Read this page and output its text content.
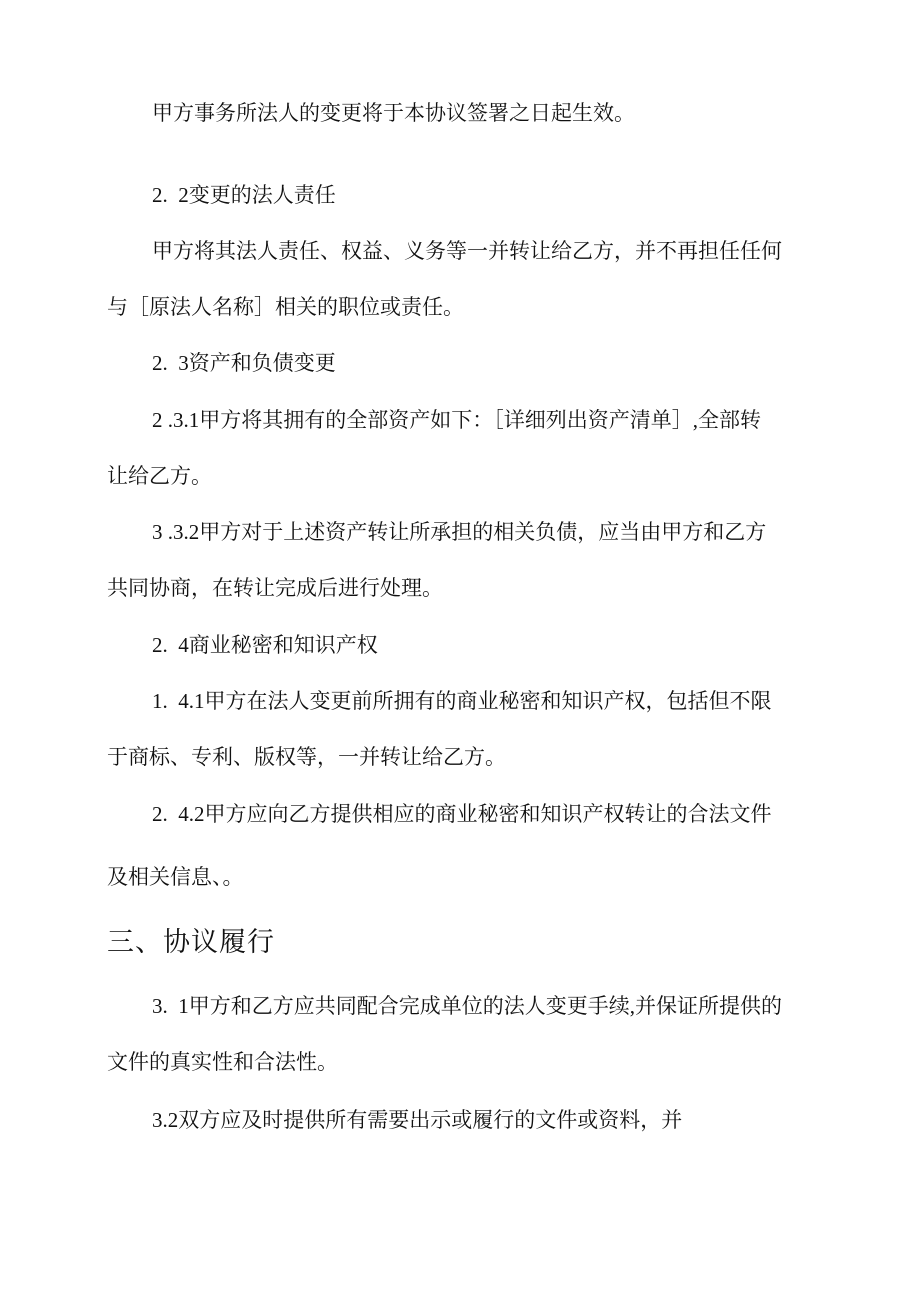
甲方事务所法人的变更将于本协议签署之日起生效。
2.  2变更的法人责任
甲方将其法人责任、权益、义务等一并转让给乙方，并不再担任任何
与［原法人名称］相关的职位或责任。
2.  3资产和负债变更
2 .3.1甲方将其拥有的全部资产如下：［详细列出资产清单］,全部转
让给乙方。
3 .3.2甲方对于上述资产转让所承担的相关负债，应当由甲方和乙方
共同协商，在转让完成后进行处理。
2.  4商业秘密和知识产权
1.  4.1甲方在法人变更前所拥有的商业秘密和知识产权，包括但不限
于商标、专利、版权等，一并转让给乙方。
2.  4.2甲方应向乙方提供相应的商业秘密和知识产权转让的合法文件
及相关信息、。
三、协议履行
3.  1甲方和乙方应共同配合完成单位的法人变更手续,并保证所提供的
文件的真实性和合法性。
3.2双方应及时提供所有需要出示或履行的文件或资料，并
